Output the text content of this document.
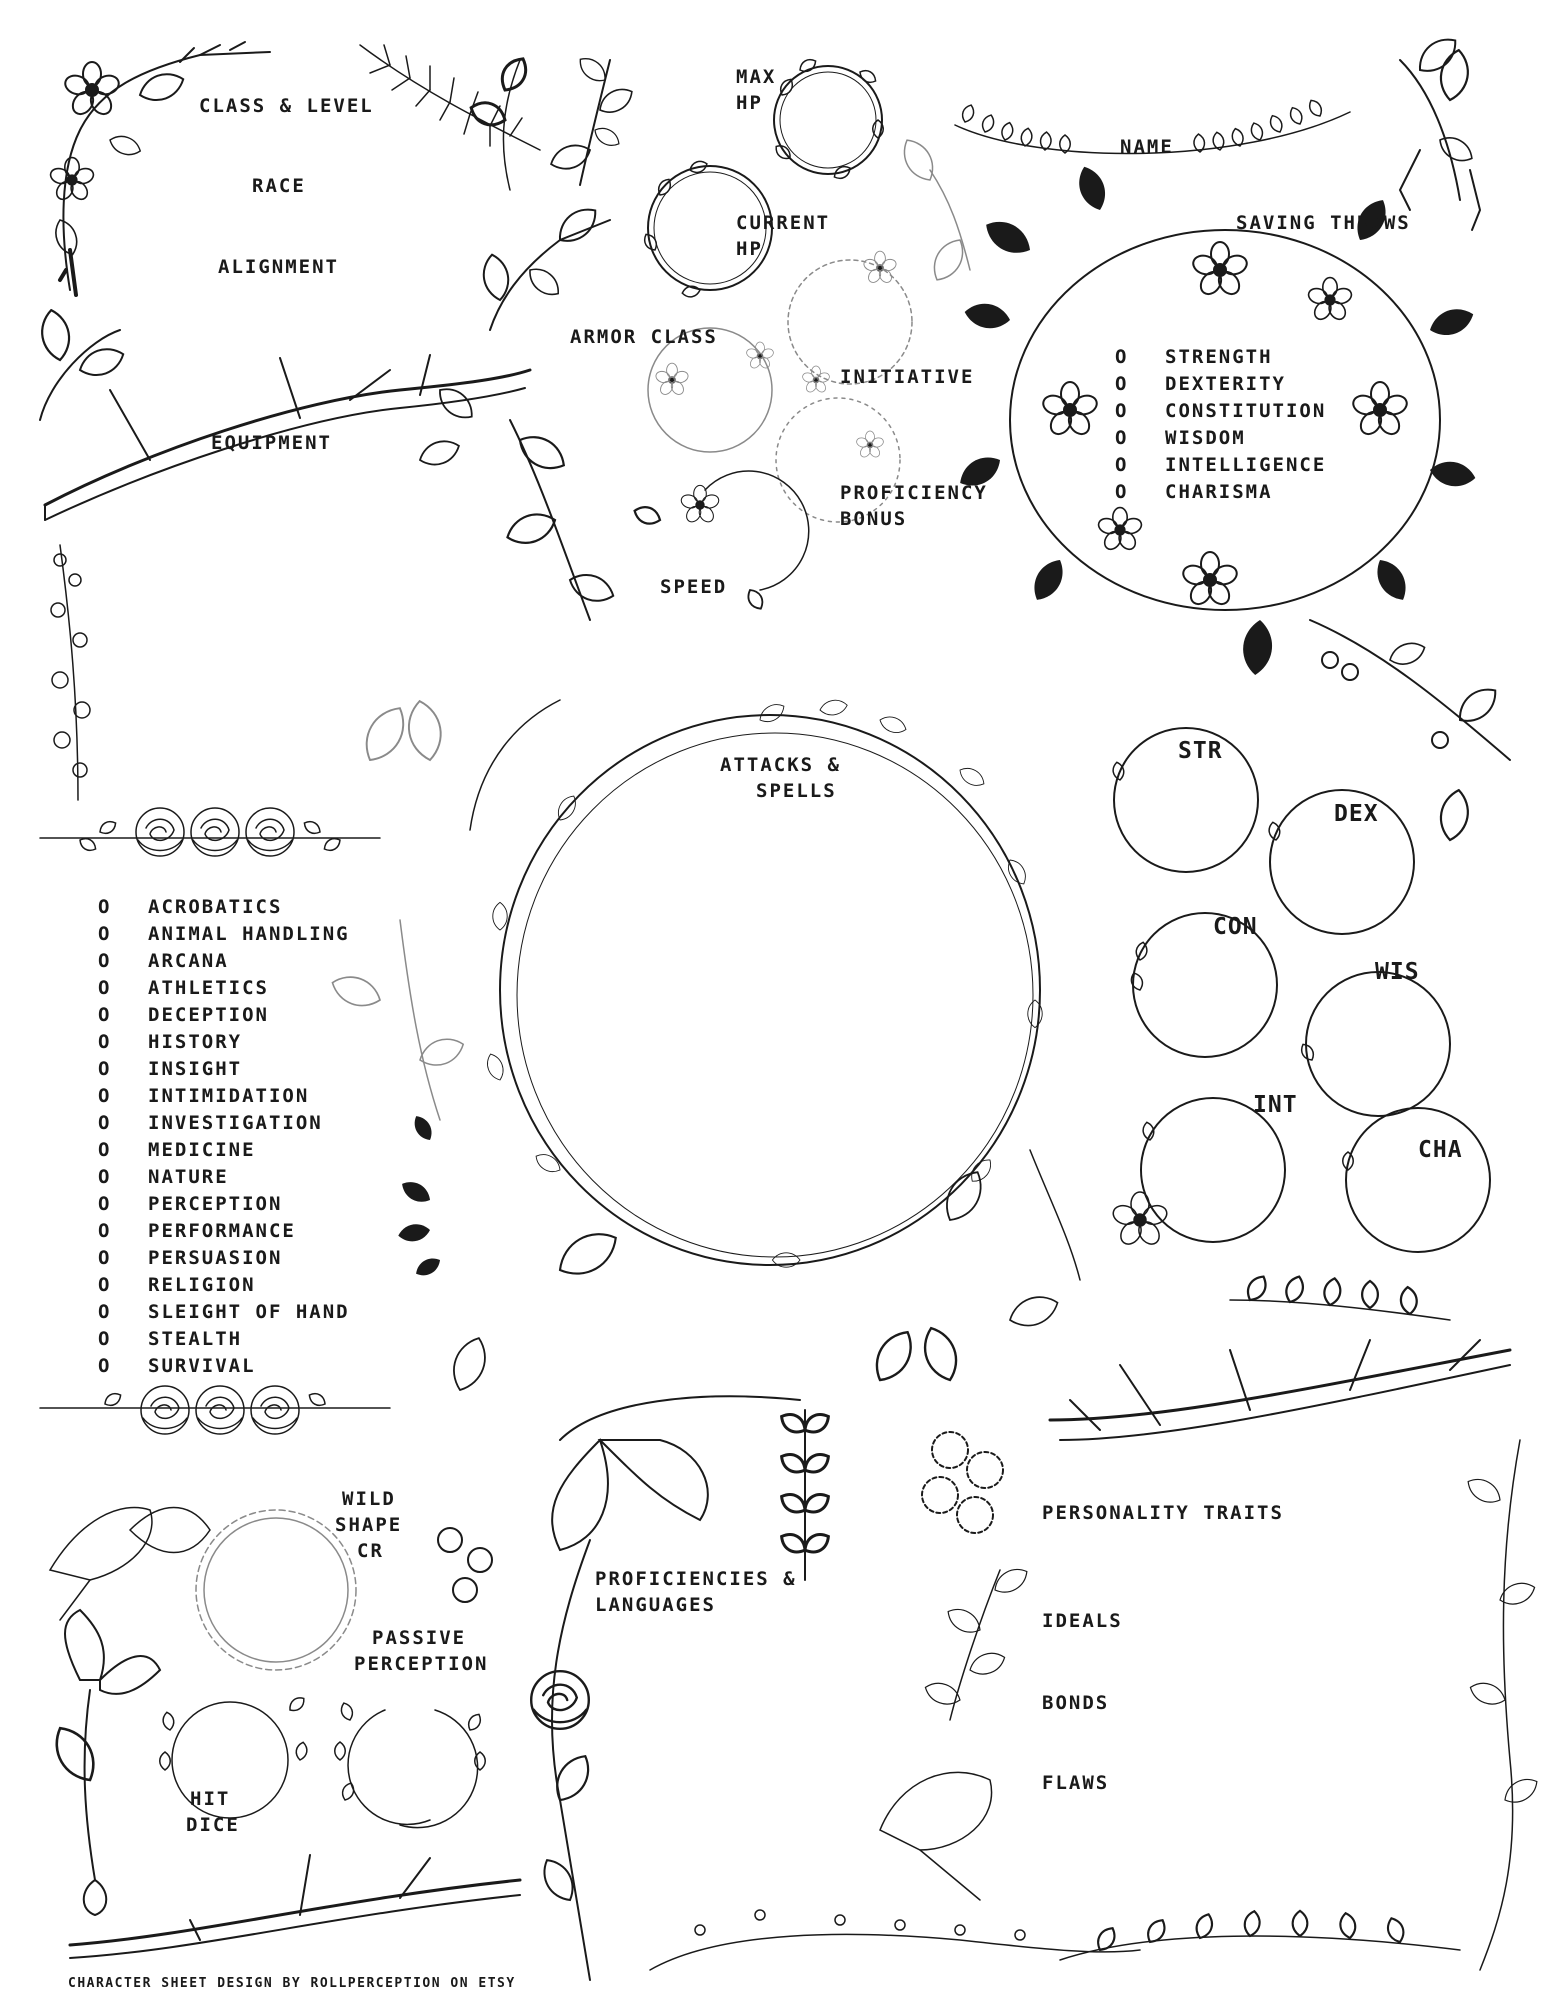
CLASS & LEVEL
RACE
ALIGNMENT
NAME
MAX
HP
CURRENT
HP
ARMOR CLASS
INITIATIVE
PROFICIENCY
BONUS
SPEED
EQUIPMENT
SAVING THROWS
O STRENGTH
O DEXTERITY
O CONSTITUTION
O WISDOM
O INTELLIGENCE
O CHARISMA
ATTACKS &
SPELLS
STR
DEX
CON
WIS
INT
CHA
O ACROBATICS
O ANIMAL HANDLING
O ARCANA
O ATHLETICS
O DECEPTION
O HISTORY
O INSIGHT
O INTIMIDATION
O INVESTIGATION
O MEDICINE
O NATURE
O PERCEPTION
O PERFORMANCE
O PERSUASION
O RELIGION
O SLEIGHT OF HAND
O STEALTH
O SURVIVAL
WILD
SHAPE
CR
PASSIVE
PERCEPTION
HIT
DICE
PROFICIENCIES &
LANGUAGES
PERSONALITY TRAITS
IDEALS
BONDS
FLAWS
CHARACTER SHEET DESIGN BY ROLLPERCEPTION ON ETSY
